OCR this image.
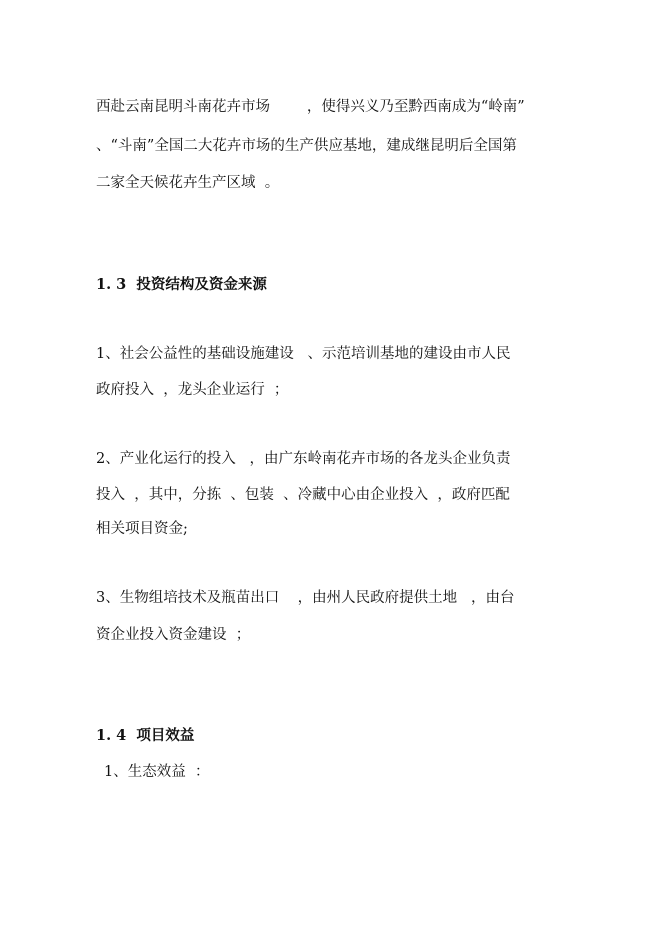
西赴云南昆明斗南花卉市场        ，使得兴义乃至黔西南成为“岭南”

、“斗南”全国二大花卉市场的生产供应基地，建成继昆明后全国第

二家全天候花卉生产区域  。

1. 3  投资结构及资金来源

1、社会公益性的基础设施建设   、示范培训基地的建设由市人民

政府投入  ，龙头企业运行  ；

2、产业化运行的投入   ，由广东岭南花卉市场的各龙头企业负责

投入  ，其中，分拣  、包装  、冷藏中心由企业投入  ，政府匹配

相关项目资金;

3、生物组培技术及瓶苗出口    ，由州人民政府提供土地   ，由台

资企业投入资金建设  ；

1. 4  项目效益

1、生态效益  ：
